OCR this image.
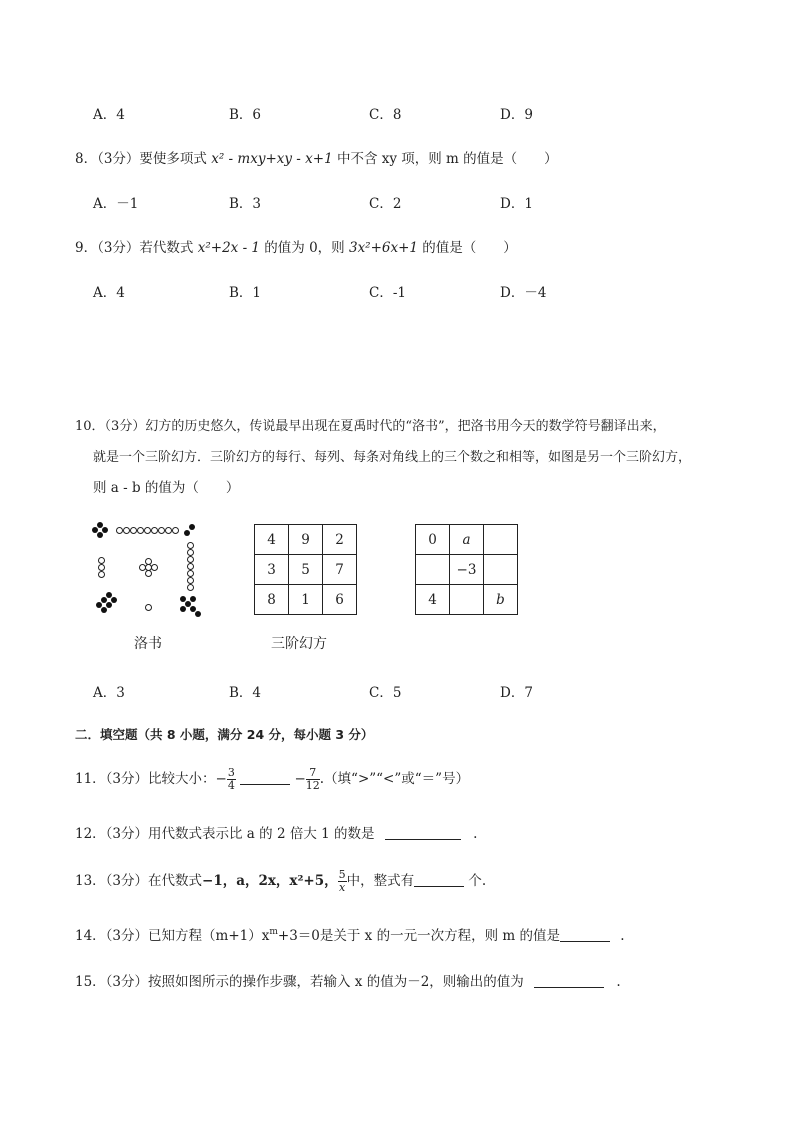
A．4	B．6	C．8	D．9
8．（3分）要使多项式 x² - mxy+xy - x+1 中不含 xy 项，则 m 的值是（　　）
A．－1	B．3	C．2	D．1
9．（3分）若代数式 x²+2x - 1 的值为 0，则 3x²+6x+1 的值是（　　）
A．4	B．1	C．-1	D．－4
10．（3分）幻方的历史悠久，传说最早出现在夏禹时代的“洛书”，把洛书用今天的数学符号翻译出来，
就是一个三阶幻方．三阶幻方的每行、每列、每条对角线上的三个数之和相等，如图是另一个三阶幻方，
则 a - b 的值为（　　）
洛书
4	9	2
3	5	7
8	1	6
三阶幻方
0	a	
	−3	
4		b
A．3	B．4	C．5	D．7
二．填空题（共 8 小题，满分 24 分，每小题 3 分）
11．（3分）比较大小：− $\frac{3}{4}$	− $\frac{7}{12}$ .（填“>”“<”或“＝”号）
12．（3分）用代数式表示比 a 的 2 倍大 1 的数是	.
13．（3分）在代数式−1，a，2x，x²+5， $\frac{5}{x}$中，整式有	个.
14．（3分）已知方程$(m+1)x^m+3=0$是关于 x 的一元一次方程，则 m 的值是	.
15．（3分）按照如图所示的操作步骤，若输入 x 的值为－2，则输出的值为	.
